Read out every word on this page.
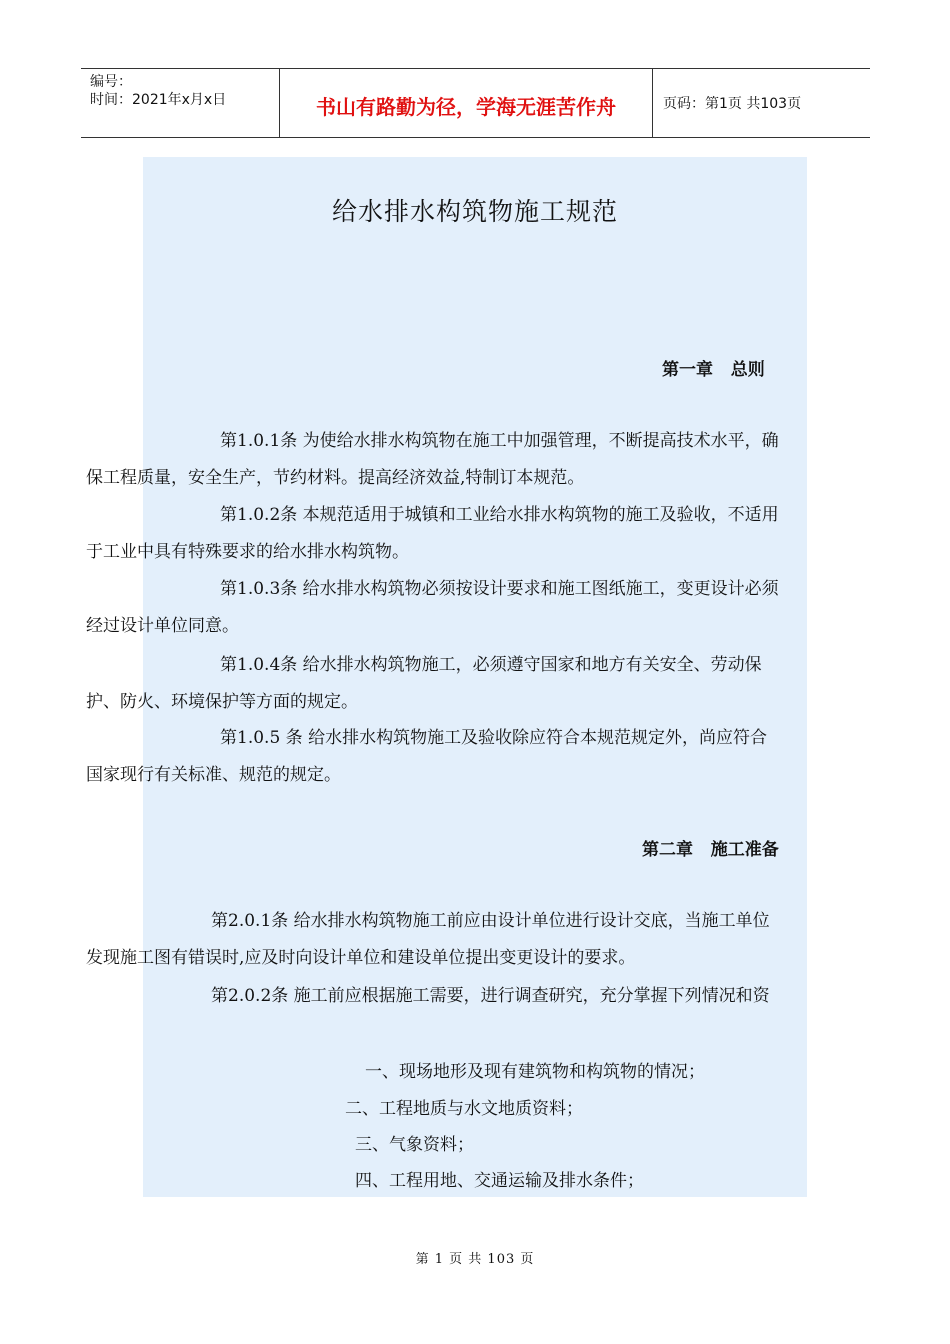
编号：
时间：2021年x月x日	书山有路勤为径，学海无涯苦作舟	页码：第1页 共103页
给水排水构筑物施工规范
第一章   总则
第1.0.1条 为使给水排水构筑物在施工中加强管理，不断提高技术水平，确
保工程质量，安全生产，节约材料。提高经济效益,特制订本规范。
第1.0.2条 本规范适用于城镇和工业给水排水构筑物的施工及验收，不适用
于工业中具有特殊要求的给水排水构筑物。
第1.0.3条 给水排水构筑物必须按设计要求和施工图纸施工，变更设计必须
经过设计单位同意。
第1.0.4条 给水排水构筑物施工，必须遵守国家和地方有关安全、劳动保
护、防火、环境保护等方面的规定。
第1.0.5 条 给水排水构筑物施工及验收除应符合本规范规定外，尚应符合
国家现行有关标准、规范的规定。
第二章   施工准备
第2.0.1条 给水排水构筑物施工前应由设计单位进行设计交底，当施工单位
发现施工图有错误时,应及时向设计单位和建设单位提出变更设计的要求。
第2.0.2条 施工前应根据施工需要，进行调查研究，充分掌握下列情况和资
一、现场地形及现有建筑物和构筑物的情况；
二、工程地质与水文地质资料；
三、气象资料；
四、工程用地、交通运输及排水条件；
第 1 页 共 103 页
